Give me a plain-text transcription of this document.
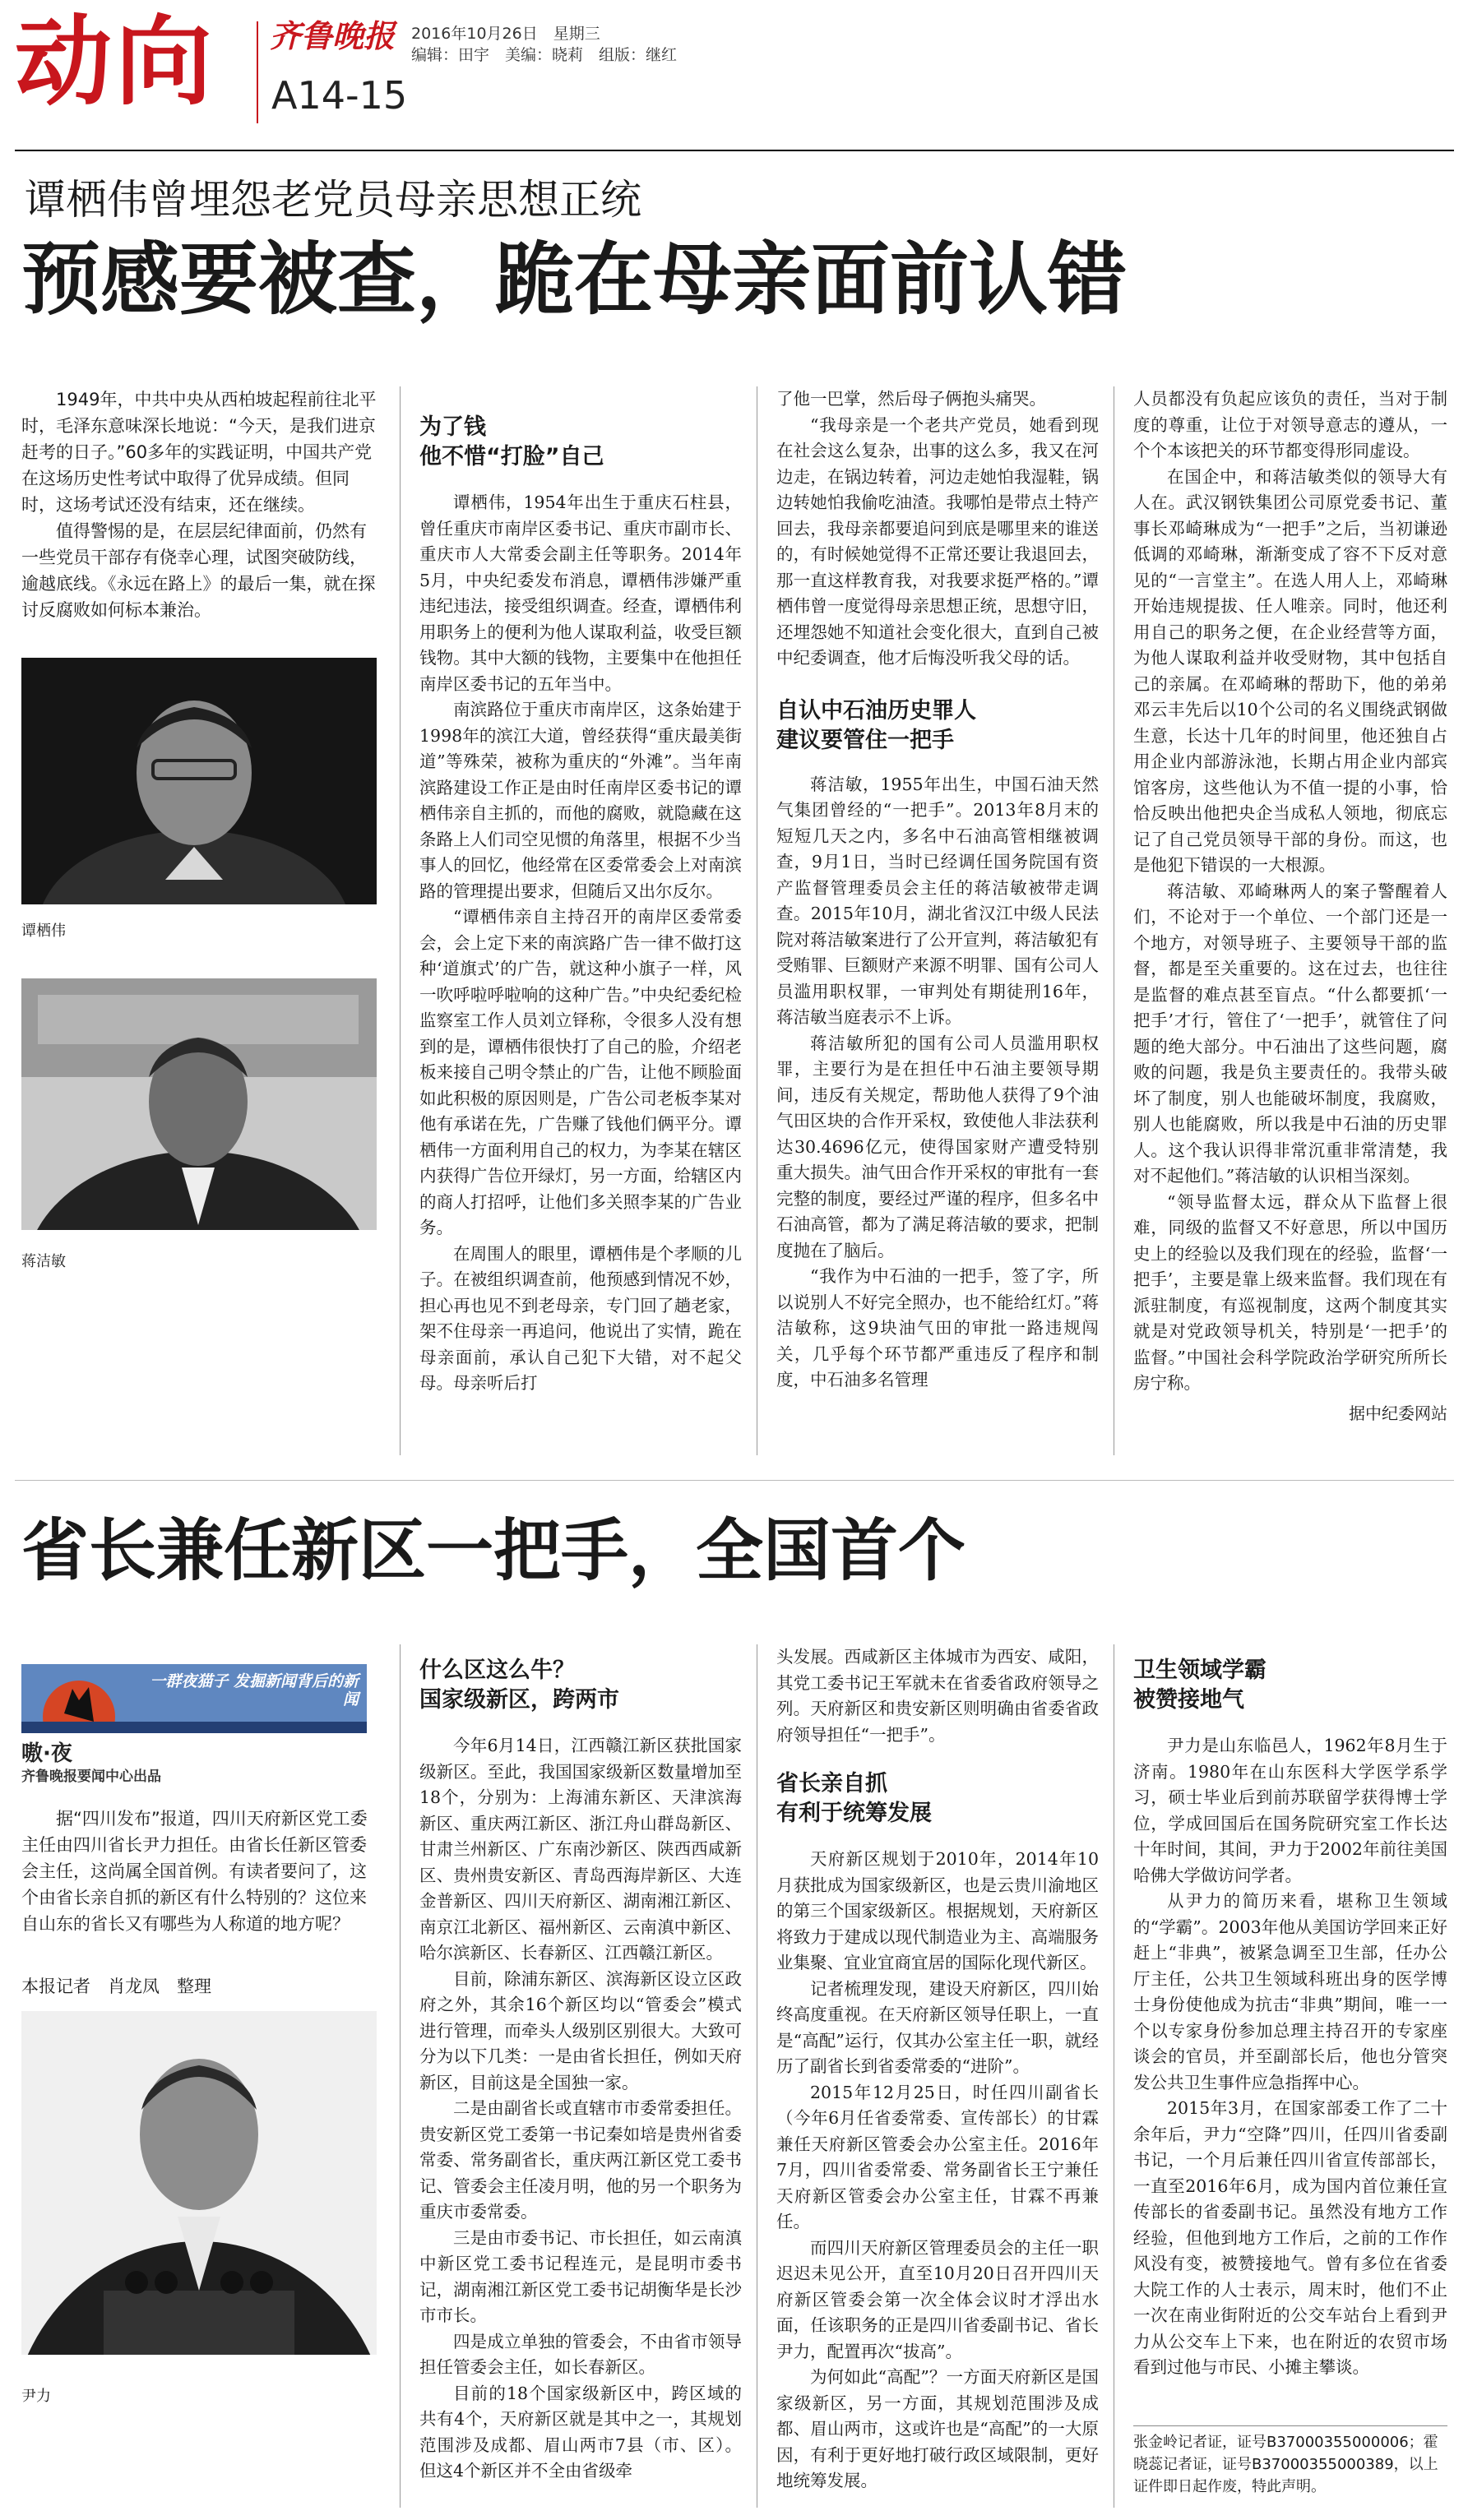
动向 齐鲁晚报 2016年10月26日　星期三
编辑：田宇　美编：晓莉　组版：继红
A14-15
谭栖伟曾埋怨老党员母亲思想正统
预感要被查，跪在母亲面前认错

1949年，中共中央从西柏坡起程前往北平时，毛泽东意味深长地说：“今天，是我们进京赶考的日子。”60多年的实践证明，中国共产党在这场历史性考试中取得了优异成绩。但同时，这场考试还没有结束，还在继续。

值得警惕的是，在层层纪律面前，仍然有一些党员干部存有侥幸心理，试图突破防线，逾越底线。《永远在路上》的最后一集，就在探讨反腐败如何标本兼治。

谭栖伟
蒋洁敏
为了钱
他不惜“打脸”自己

谭栖伟，1954年出生于重庆石柱县，曾任重庆市南岸区委书记、重庆市副市长、重庆市人大常委会副主任等职务。2014年5月，中央纪委发布消息，谭栖伟涉嫌严重违纪违法，接受组织调查。经查，谭栖伟利用职务上的便利为他人谋取利益，收受巨额钱物。其中大额的钱物，主要集中在他担任南岸区委书记的五年当中。

南滨路位于重庆市南岸区，这条始建于1998年的滨江大道，曾经获得“重庆最美街道”等殊荣，被称为重庆的“外滩”。当年南滨路建设工作正是由时任南岸区委书记的谭栖伟亲自主抓的，而他的腐败，就隐藏在这条路上人们司空见惯的角落里，根据不少当事人的回忆，他经常在区委常委会上对南滨路的管理提出要求，但随后又出尔反尔。

“谭栖伟亲自主持召开的南岸区委常委会，会上定下来的南滨路广告一律不做打这种‘道旗式’的广告，就这种小旗子一样，风一吹呼啦呼啦响的这种广告。”中央纪委纪检监察室工作人员刘立铎称，令很多人没有想到的是，谭栖伟很快打了自己的脸，介绍老板来接自己明令禁止的广告，让他不顾脸面如此积极的原因则是，广告公司老板李某对他有承诺在先，广告赚了钱他们俩平分。谭栖伟一方面利用自己的权力，为李某在辖区内获得广告位开绿灯，另一方面，给辖区内的商人打招呼，让他们多关照李某的广告业务。

在周围人的眼里，谭栖伟是个孝顺的儿子。在被组织调查前，他预感到情况不妙，担心再也见不到老母亲，专门回了趟老家，架不住母亲一再追问，他说出了实情，跪在母亲面前，承认自己犯下大错，对不起父母。母亲听后打

了他一巴掌，然后母子俩抱头痛哭。

“我母亲是一个老共产党员，她看到现在社会这么复杂，出事的这么多，我又在河边走，在锅边转着，河边走她怕我湿鞋，锅边转她怕我偷吃油渣。我哪怕是带点土特产回去，我母亲都要追问到底是哪里来的谁送的，有时候她觉得不正常还要让我退回去，那一直这样教育我，对我要求挺严格的。”谭栖伟曾一度觉得母亲思想正统，思想守旧，还埋怨她不知道社会变化很大，直到自己被中纪委调查，他才后悔没听我父母的话。

自认中石油历史罪人
建议要管住一把手

蒋洁敏，1955年出生，中国石油天然气集团曾经的“一把手”。2013年8月末的短短几天之内，多名中石油高管相继被调查，9月1日，当时已经调任国务院国有资产监督管理委员会主任的蒋洁敏被带走调查。2015年10月，湖北省汉江中级人民法院对蒋洁敏案进行了公开宣判，蒋洁敏犯有受贿罪、巨额财产来源不明罪、国有公司人员滥用职权罪，一审判处有期徒刑16年，蒋洁敏当庭表示不上诉。

蒋洁敏所犯的国有公司人员滥用职权罪，主要行为是在担任中石油主要领导期间，违反有关规定，帮助他人获得了9个油气田区块的合作开采权，致使他人非法获利达30.4696亿元，使得国家财产遭受特别重大损失。油气田合作开采权的审批有一套完整的制度，要经过严谨的程序，但多名中石油高管，都为了满足蒋洁敏的要求，把制度抛在了脑后。

“我作为中石油的一把手，签了字，所以说别人不好完全照办，也不能给红灯。”蒋洁敏称，这9块油气田的审批一路违规闯关，几乎每个环节都严重违反了程序和制度，中石油多名管理

人员都没有负起应该负的责任，当对于制度的尊重，让位于对领导意志的遵从，一个个本该把关的环节都变得形同虚设。

在国企中，和蒋洁敏类似的领导大有人在。武汉钢铁集团公司原党委书记、董事长邓崎琳成为“一把手”之后，当初谦逊低调的邓崎琳，渐渐变成了容不下反对意见的“一言堂主”。在选人用人上，邓崎琳开始违规提拔、任人唯亲。同时，他还利用自己的职务之便，在企业经营等方面，为他人谋取利益并收受财物，其中包括自己的亲属。在邓崎琳的帮助下，他的弟弟邓云丰先后以10个公司的名义围绕武钢做生意，长达十几年的时间里，他还独自占用企业内部游泳池，长期占用企业内部宾馆客房，这些他认为不值一提的小事，恰恰反映出他把央企当成私人领地，彻底忘记了自己党员领导干部的身份。而这，也是他犯下错误的一大根源。

蒋洁敏、邓崎琳两人的案子警醒着人们，不论对于一个单位、一个部门还是一个地方，对领导班子、主要领导干部的监督，都是至关重要的。这在过去，也往往是监督的难点甚至盲点。“什么都要抓‘一把手’才行，管住了‘一把手’，就管住了问题的绝大部分。中石油出了这些问题，腐败的问题，我是负主要责任的。我带头破坏了制度，别人也能破坏制度，我腐败，别人也能腐败，所以我是中石油的历史罪人。这个我认识得非常沉重非常清楚，我对不起他们。”蒋洁敏的认识相当深刻。

“领导监督太远，群众从下监督上很难，同级的监督又不好意思，所以中国历史上的经验以及我们现在的经验，监督‘一把手’，主要是靠上级来监督。我们现在有派驻制度，有巡视制度，这两个制度其实就是对党政领导机关，特别是‘一把手’的监督。”中国社会科学院政治学研究所所长房宁称。

据中纪委网站
省长兼任新区一把手，全国首个
一群夜猫子 发掘新闻背后的新闻
嗷·夜
齐鲁晚报要闻中心出品

据“四川发布”报道，四川天府新区党工委主任由四川省长尹力担任。由省长任新区管委会主任，这尚属全国首例。有读者要问了，这个由省长亲自抓的新区有什么特别的？这位来自山东的省长又有哪些为人称道的地方呢？

本报记者　肖龙凤　整理
尹力
什么区这么牛？
国家级新区，跨两市

今年6月14日，江西赣江新区获批国家级新区。至此，我国国家级新区数量增加至18个，分别为：上海浦东新区、天津滨海新区、重庆两江新区、浙江舟山群岛新区、甘肃兰州新区、广东南沙新区、陕西西咸新区、贵州贵安新区、青岛西海岸新区、大连金普新区、四川天府新区、湖南湘江新区、南京江北新区、福州新区、云南滇中新区、哈尔滨新区、长春新区、江西赣江新区。

目前，除浦东新区、滨海新区设立区政府之外，其余16个新区均以“管委会”模式进行管理，而牵头人级别区别很大。大致可分为以下几类：一是由省长担任，例如天府新区，目前这是全国独一家。

二是由副省长或直辖市市委常委担任。贵安新区党工委第一书记秦如培是贵州省委常委、常务副省长，重庆两江新区党工委书记、管委会主任凌月明，他的另一个职务为重庆市委常委。

三是由市委书记、市长担任，如云南滇中新区党工委书记程连元，是昆明市委书记，湖南湘江新区党工委书记胡衡华是长沙市市长。

四是成立单独的管委会，不由省市领导担任管委会主任，如长春新区。

目前的18个国家级新区中，跨区域的共有4个，天府新区就是其中之一，其规划范围涉及成都、眉山两市7县（市、区）。但这4个新区并不全由省级牵

头发展。西咸新区主体城市为西安、咸阳，其党工委书记王军就未在省委省政府领导之列。天府新区和贵安新区则明确由省委省政府领导担任“一把手”。

省长亲自抓
有利于统筹发展

天府新区规划于2010年，2014年10月获批成为国家级新区，也是云贵川渝地区的第三个国家级新区。根据规划，天府新区将致力于建成以现代制造业为主、高端服务业集聚、宜业宜商宜居的国际化现代新区。

记者梳理发现，建设天府新区，四川始终高度重视。在天府新区领导任职上，一直是“高配”运行，仅其办公室主任一职，就经历了副省长到省委常委的“进阶”。

2015年12月25日，时任四川副省长（今年6月任省委常委、宣传部长）的甘霖兼任天府新区管委会办公室主任。2016年7月，四川省委常委、常务副省长王宁兼任天府新区管委会办公室主任，甘霖不再兼任。

而四川天府新区管理委员会的主任一职迟迟未见公开，直至10月20日召开四川天府新区管委会第一次全体会议时才浮出水面，任该职务的正是四川省委副书记、省长尹力，配置再次“拔高”。

为何如此“高配”？一方面天府新区是国家级新区，另一方面，其规划范围涉及成都、眉山两市，这或许也是“高配”的一大原因，有利于更好地打破行政区域限制，更好地统筹发展。

卫生领域学霸
被赞接地气

尹力是山东临邑人，1962年8月生于济南。1980年在山东医科大学医学系学习，硕士毕业后到前苏联留学获得博士学位，学成回国后在国务院研究室工作长达十年时间，其间，尹力于2002年前往美国哈佛大学做访问学者。

从尹力的简历来看，堪称卫生领域的“学霸”。2003年他从美国访学回来正好赶上“非典”，被紧急调至卫生部，任办公厅主任，公共卫生领域科班出身的医学博士身份使他成为抗击“非典”期间，唯一一个以专家身份参加总理主持召开的专家座谈会的官员，并至副部长后，他也分管突发公共卫生事件应急指挥中心。

2015年3月，在国家部委工作了二十余年后，尹力“空降”四川，任四川省委副书记，一个月后兼任四川省宣传部部长，一直至2016年6月，成为国内首位兼任宣传部长的省委副书记。虽然没有地方工作经验，但他到地方工作后，之前的工作作风没有变，被赞接地气。曾有多位在省委大院工作的人士表示，周末时，他们不止一次在南业街附近的公交车站台上看到尹力从公交车上下来，也在附近的农贸市场看到过他与市民、小摊主攀谈。

张金岭记者证，证号B37000355000006；霍晓蕊记者证，证号B37000355000389，以上证件即日起作废，特此声明。
